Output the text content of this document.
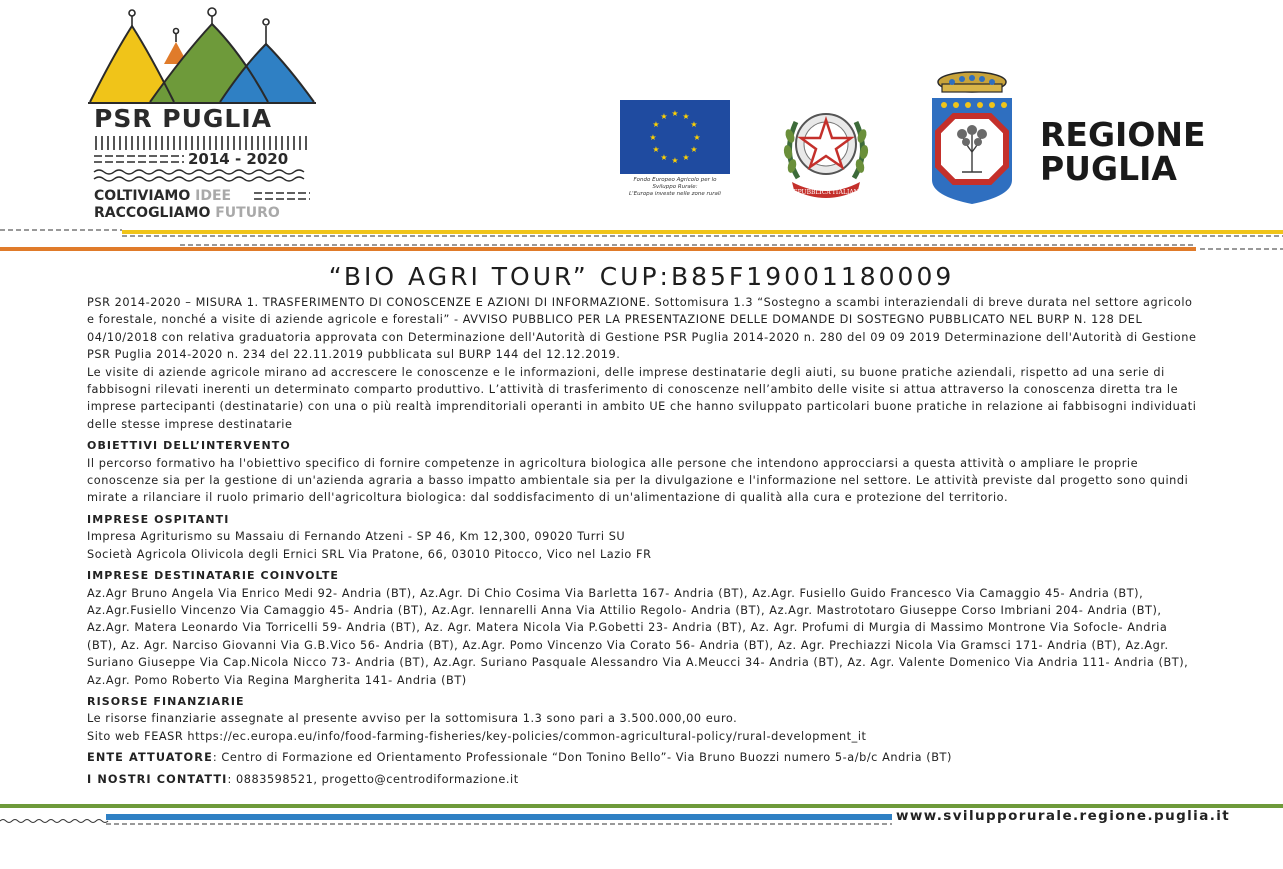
PSR PUGLIA
2014 - 2020
COLTIVIAMO IDEE
RACCOGLIAMO FUTURO
★ ★
★
★
★
★
★
★
★
★
★
★
Fondo Europeo Agricolo per lo
Sviluppo Rurale:
L'Europa investe nelle zone rurali	REPUBBLICA ITALIANA
REGIONE
PUGLIA
“BIO AGRI TOUR” CUP:B85F19001180009

PSR 2014-2020 – MISURA 1. TRASFERIMENTO DI CONOSCENZE E AZIONI DI INFORMAZIONE. Sottomisura 1.3 “Sostegno a scambi interaziendali di breve durata nel settore agricolo e forestale, nonché a visite di aziende agricole e forestali” - AVVISO PUBBLICO PER LA PRESENTAZIONE DELLE DOMANDE DI SOSTEGNO PUBBLICATO NEL BURP N. 128 DEL 04/10/2018 con relativa graduatoria approvata con Determinazione dell'Autorità di Gestione PSR Puglia 2014-2020 n. 280 del 09 09 2019 Determinazione dell'Autorità di Gestione PSR Puglia 2014-2020 n. 234 del 22.11.2019 pubblicata sul BURP 144 del 12.12.2019.

Le visite di aziende agricole mirano ad accrescere le conoscenze e le informazioni, delle imprese destinatarie degli aiuti, su buone pratiche aziendali, rispetto ad una serie di fabbisogni rilevati inerenti un determinato comparto produttivo. L’attività di trasferimento di conoscenze nell’ambito delle visite si attua attraverso la conoscenza diretta tra le imprese partecipanti (destinatarie) con una o più realtà imprenditoriali operanti in ambito UE che hanno sviluppato particolari buone pratiche in relazione ai fabbisogni individuati delle stesse imprese destinatarie

OBIETTIVI DELL’INTERVENTO

Il percorso formativo ha l'obiettivo specifico di fornire competenze in agricoltura biologica alle persone che intendono approcciarsi a questa attività o ampliare le proprie conoscenze sia per la gestione di un'azienda agraria a basso impatto ambientale sia per la divulgazione e l'informazione nel settore. Le attività previste dal progetto sono quindi mirate a rilanciare il ruolo primario dell'agricoltura biologica: dal soddisfacimento di un'alimentazione di qualità alla cura e protezione del territorio.

IMPRESE OSPITANTI

Impresa Agriturismo su Massaiu di Fernando Atzeni - SP 46, Km 12,300, 09020 Turri SU

Società Agricola Olivicola degli Ernici SRL Via Pratone, 66, 03010 Pitocco, Vico nel Lazio FR

IMPRESE DESTINATARIE COINVOLTE

Az.Agr Bruno Angela Via Enrico Medi 92- Andria (BT), Az.Agr. Di Chio Cosima Via Barletta 167- Andria (BT), Az.Agr. Fusiello Guido Francesco Via Camaggio 45- Andria (BT), Az.Agr.Fusiello Vincenzo Via Camaggio 45- Andria (BT), Az.Agr. Iennarelli Anna Via Attilio Regolo- Andria (BT), Az.Agr. Mastrototaro Giuseppe Corso Imbriani 204- Andria (BT), Az.Agr. Matera Leonardo Via Torricelli 59- Andria (BT), Az. Agr. Matera Nicola Via P.Gobetti 23- Andria (BT), Az. Agr. Profumi di Murgia di Massimo Montrone Via Sofocle- Andria (BT), Az. Agr. Narciso Giovanni Via G.B.Vico 56- Andria (BT), Az.Agr. Pomo Vincenzo Via Corato 56- Andria (BT), Az. Agr. Prechiazzi Nicola Via Gramsci 171- Andria (BT), Az.Agr. Suriano Giuseppe Via Cap.Nicola Nicco 73- Andria (BT), Az.Agr. Suriano Pasquale Alessandro Via A.Meucci 34- Andria (BT), Az. Agr. Valente Domenico Via Andria 111- Andria (BT), Az.Agr. Pomo Roberto Via Regina Margherita 141- Andria (BT)

RISORSE FINANZIARIE

Le risorse finanziarie assegnate al presente avviso per la sottomisura 1.3 sono pari a 3.500.000,00 euro.

Sito web FEASR https://ec.europa.eu/info/food-farming-fisheries/key-policies/common-agricultural-policy/rural-development_it

ENTE ATTUATORE: Centro di Formazione ed Orientamento Professionale “Don Tonino Bello”- Via Bruno Buozzi numero 5-a/b/c Andria (BT)

I NOSTRI CONTATTI: 0883598521, progetto@centrodiformazione.it

www.svilupporurale.regione.puglia.it
